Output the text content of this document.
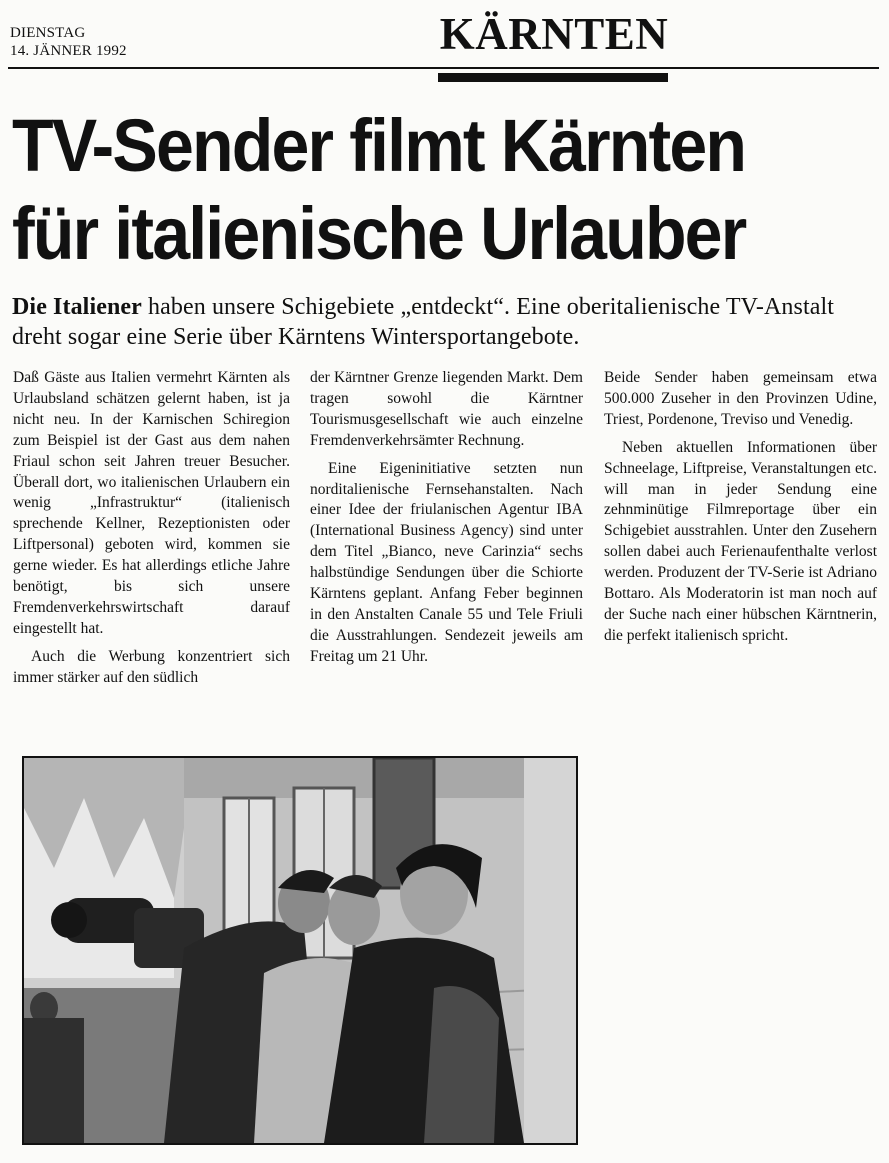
DIENSTAG
14. JÄNNER 1992	KÄRNTEN
TV-Sender filmt Kärnten
für italienische Urlauber
Die Italiener haben unsere Schigebiete „entdeckt“. Eine oberitalienische TV-Anstalt dreht sogar eine Serie über Kärntens Wintersportangebote.

Daß Gäste aus Italien vermehrt Kärnten als Urlaubsland schätzen gelernt haben, ist ja nicht neu. In der Karnischen Schiregion zum Beispiel ist der Gast aus dem nahen Friaul schon seit Jahren treuer Besucher. Überall dort, wo italienischen Urlaubern ein wenig „Infrastruktur“ (italienisch sprechende Kellner, Rezeptionisten oder Liftpersonal) geboten wird, kommen sie gerne wieder. Es hat allerdings etliche Jahre benötigt, bis sich unsere Fremdenverkehrswirtschaft darauf eingestellt hat.

Auch die Werbung konzentriert sich immer stärker auf den südlich

der Kärntner Grenze liegenden Markt. Dem tragen sowohl die Kärntner Tourismusgesellschaft wie auch einzelne Fremdenverkehrsämter Rechnung.

Eine Eigeninitiative setzten nun norditalienische Fernsehanstalten. Nach einer Idee der friulanischen Agentur IBA (International Business Agency) sind unter dem Titel „Bianco, neve Carinzia“ sechs halbstündige Sendungen über die Schiorte Kärntens geplant. Anfang Feber beginnen in den Anstalten Canale 55 und Tele Friuli die Ausstrahlungen. Sendezeit jeweils am Freitag um 21 Uhr.

Beide Sender haben gemeinsam etwa 500.000 Zuseher in den Provinzen Udine, Triest, Pordenone, Treviso und Venedig.

Neben aktuellen Informationen über Schneelage, Liftpreise, Veranstaltungen etc. will man in jeder Sendung eine zehnminütige Filmreportage über ein Schigebiet ausstrahlen. Unter den Zusehern sollen dabei auch Ferienaufenthalte verlost werden. Produzent der TV-Serie ist Adriano Bottaro. Als Moderatorin ist man noch auf der Suche nach einer hübschen Kärntnerin, die perfekt italienisch spricht.
